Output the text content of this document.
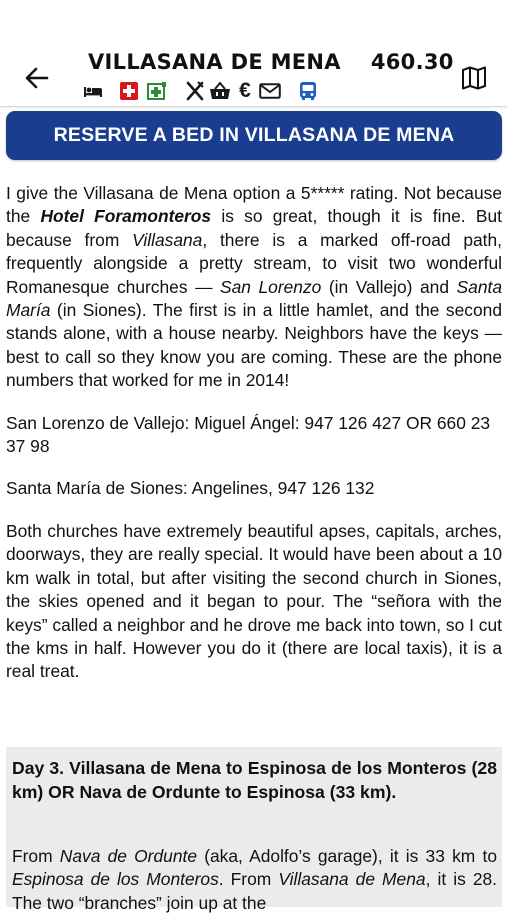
VILLASANA DE MENA 460.30
€
RESERVE A BED IN VILLASANA DE MENA

I give the Villasana de Mena option a 5***** rating. Not because the Hotel Foramonteros is so great, though it is fine. But because from Villasana, there is a marked off-road path, frequently alongside a pretty stream, to visit two wonderful Romanesque churches — San Lorenzo (in Vallejo) and Santa María (in Siones). The first is in a little hamlet, and the second stands alone, with a house nearby. Neighbors have the keys — best to call so they know you are coming. These are the phone numbers that worked for me in 2014!

San Lorenzo de Vallejo: Miguel Ángel: 947 126 427 OR 660 23 37 98

Santa María de Siones: Angelines, 947 126 132

Both churches have extremely beautiful apses, capitals, arches, doorways, they are really special. It would have been about a 10 km walk in total, but after visiting the second church in Siones, the skies opened and it began to pour. The “señora with the keys” called a neighbor and he drove me back into town, so I cut the kms in half. However you do it (there are local taxis), it is a real treat.

Day 3. Villasana de Mena to Espinosa de los Monteros (28 km) OR Nava de Ordunte to Espinosa (33 km).
From Nava de Ordunte (aka, Adolfo’s garage), it is 33 km to Espinosa de los Monteros. From Villasana de Mena, it is 28. The two “branches” join up at the
